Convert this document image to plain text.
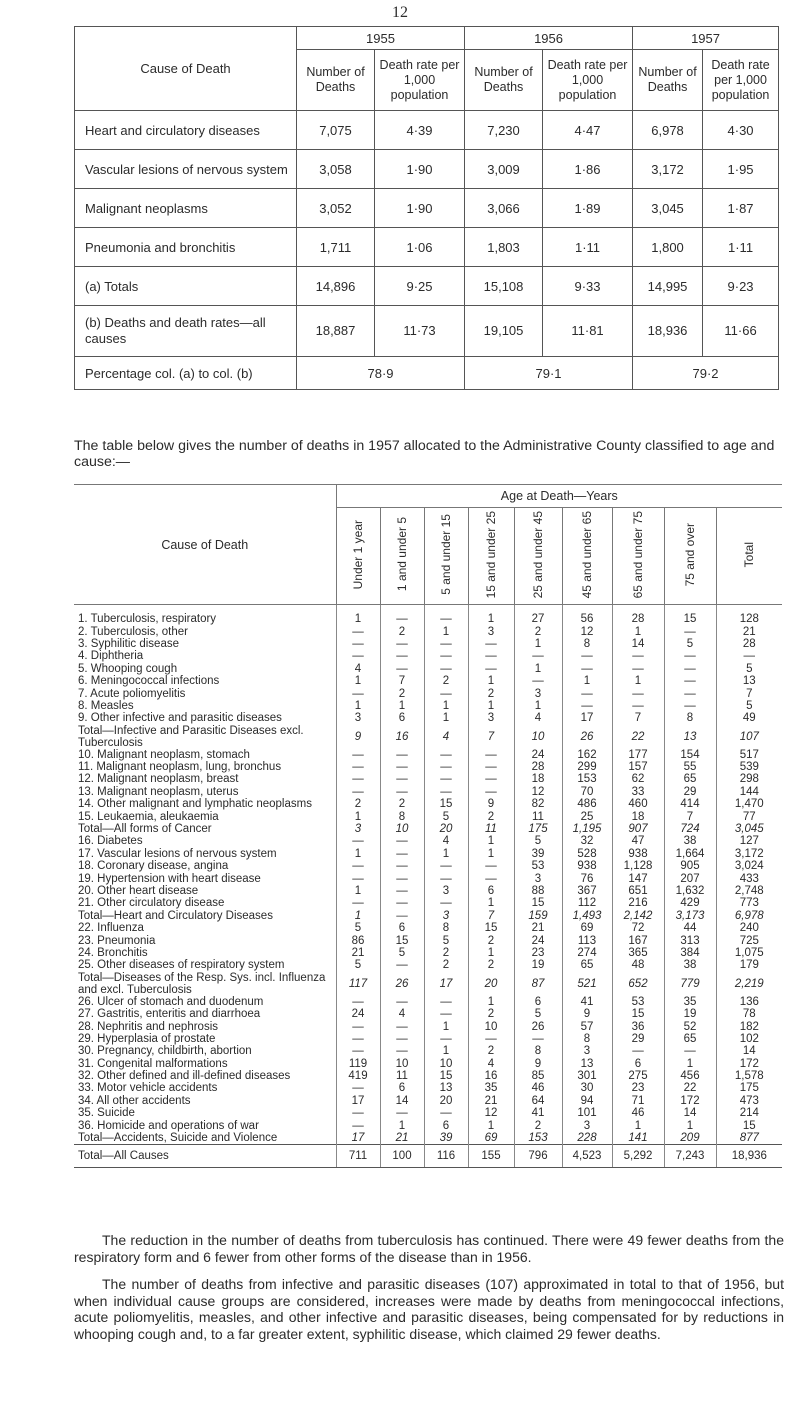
12
Cause of Death	1955		1956		1957	
	Number of Deaths	Death rate per 1,000 population	Number of Deaths	Death rate per 1,000 population	Number of Deaths	Death rate per 1,000 population
Heart and circulatory diseases	7,075	4·39	7,230	4·47	6,978	4·30
Vascular lesions of nervous system	3,058	1·90	3,009	1·86	3,172	1·95
Malignant neoplasms	3,052	1·90	3,066	1·89	3,045	1·87
Pneumonia and bronchitis	1,711	1·06	1,803	1·11	1,800	1·11
(a) Totals	14,896	9·25	15,108	9·33	14,995	9·23
(b) Deaths and death rates—all causes	18,887	11·73	19,105	11·81	18,936	11·66
Percentage col. (a) to col. (b)	78·9		79·1		79·2	
The table below gives the number of deaths in 1957 allocated to the Administrative County classified to age and cause:—
Cause of Death	Age at Death—Years								
	Under 1 year	1 and under 5	5 and under 15	15 and under 25	25 and under 45	45 and under 65	65 and under 75	75 and over	Total
1. Tuberculosis, respiratory	1	—	—	1	27	56	28	15	128
2. Tuberculosis, other	—	2	1	3	2	12	1	—	21
3. Syphilitic disease	—	—	—	—	1	8	14	5	28
4. Diphtheria	—	—	—	—	—	—	—	—	—
5. Whooping cough	4	—	—	—	1	—	—	—	5
6. Meningococcal infections	1	7	2	1	—	1	1	—	13
7. Acute poliomyelitis	—	2	—	2	3	—	—	—	7
8. Measles	1	1	1	1	1	—	—	—	5
9. Other infective and parasitic diseases	3	6	1	3	4	17	7	8	49
Total—Infective and Parasitic Diseases excl. Tuberculosis	9	16	4	7	10	26	22	13	107
10. Malignant neoplasm, stomach	—	—	—	—	24	162	177	154	517
11. Malignant neoplasm, lung, bronchus	—	—	—	—	28	299	157	55	539
12. Malignant neoplasm, breast	—	—	—	—	18	153	62	65	298
13. Malignant neoplasm, uterus	—	—	—	—	12	70	33	29	144
14. Other malignant and lymphatic neoplasms	2	2	15	9	82	486	460	414	1,470
15. Leukaemia, aleukaemia	1	8	5	2	11	25	18	7	77
Total—All forms of Cancer	3	10	20	11	175	1,195	907	724	3,045
16. Diabetes	—	—	4	1	5	32	47	38	127
17. Vascular lesions of nervous system	1	—	1	1	39	528	938	1,664	3,172
18. Coronary disease, angina	—	—	—	—	53	938	1,128	905	3,024
19. Hypertension with heart disease	—	—	—	—	3	76	147	207	433
20. Other heart disease	1	—	3	6	88	367	651	1,632	2,748
21. Other circulatory disease	—	—	—	1	15	112	216	429	773
Total—Heart and Circulatory Diseases	1	—	3	7	159	1,493	2,142	3,173	6,978
22. Influenza	5	6	8	15	21	69	72	44	240
23. Pneumonia	86	15	5	2	24	113	167	313	725
24. Bronchitis	21	5	2	1	23	274	365	384	1,075
25. Other diseases of respiratory system	5	—	2	2	19	65	48	38	179
Total—Diseases of the Resp. Sys. incl. Influenza and excl. Tuberculosis	117	26	17	20	87	521	652	779	2,219
26. Ulcer of stomach and duodenum	—	—	—	1	6	41	53	35	136
27. Gastritis, enteritis and diarrhoea	24	4	—	2	5	9	15	19	78
28. Nephritis and nephrosis	—	—	1	10	26	57	36	52	182
29. Hyperplasia of prostate	—	—	—	—	—	8	29	65	102
30. Pregnancy, childbirth, abortion	—	—	1	2	8	3	—	—	14
31. Congenital malformations	119	10	10	4	9	13	6	1	172
32. Other defined and ill-defined diseases	419	11	15	16	85	301	275	456	1,578
33. Motor vehicle accidents	—	6	13	35	46	30	23	22	175
34. All other accidents	17	14	20	21	64	94	71	172	473
35. Suicide	—	—	—	12	41	101	46	14	214
36. Homicide and operations of war	—	1	6	1	2	3	1	1	15
Total—Accidents, Suicide and Violence	17	21	39	69	153	228	141	209	877
Total—All Causes	711	100	116	155	796	4,523	5,292	7,243	18,936
The reduction in the number of deaths from tuberculosis has continued. There were 49 fewer deaths from the respiratory form and 6 fewer from other forms of the disease than in 1956.
The number of deaths from infective and parasitic diseases (107) approximated in total to that of 1956, but when individual cause groups are considered, increases were made by deaths from meningococcal infections, acute poliomyelitis, measles, and other infective and parasitic diseases, being compensated for by reductions in whooping cough and, to a far greater extent, syphilitic disease, which claimed 29 fewer deaths.
